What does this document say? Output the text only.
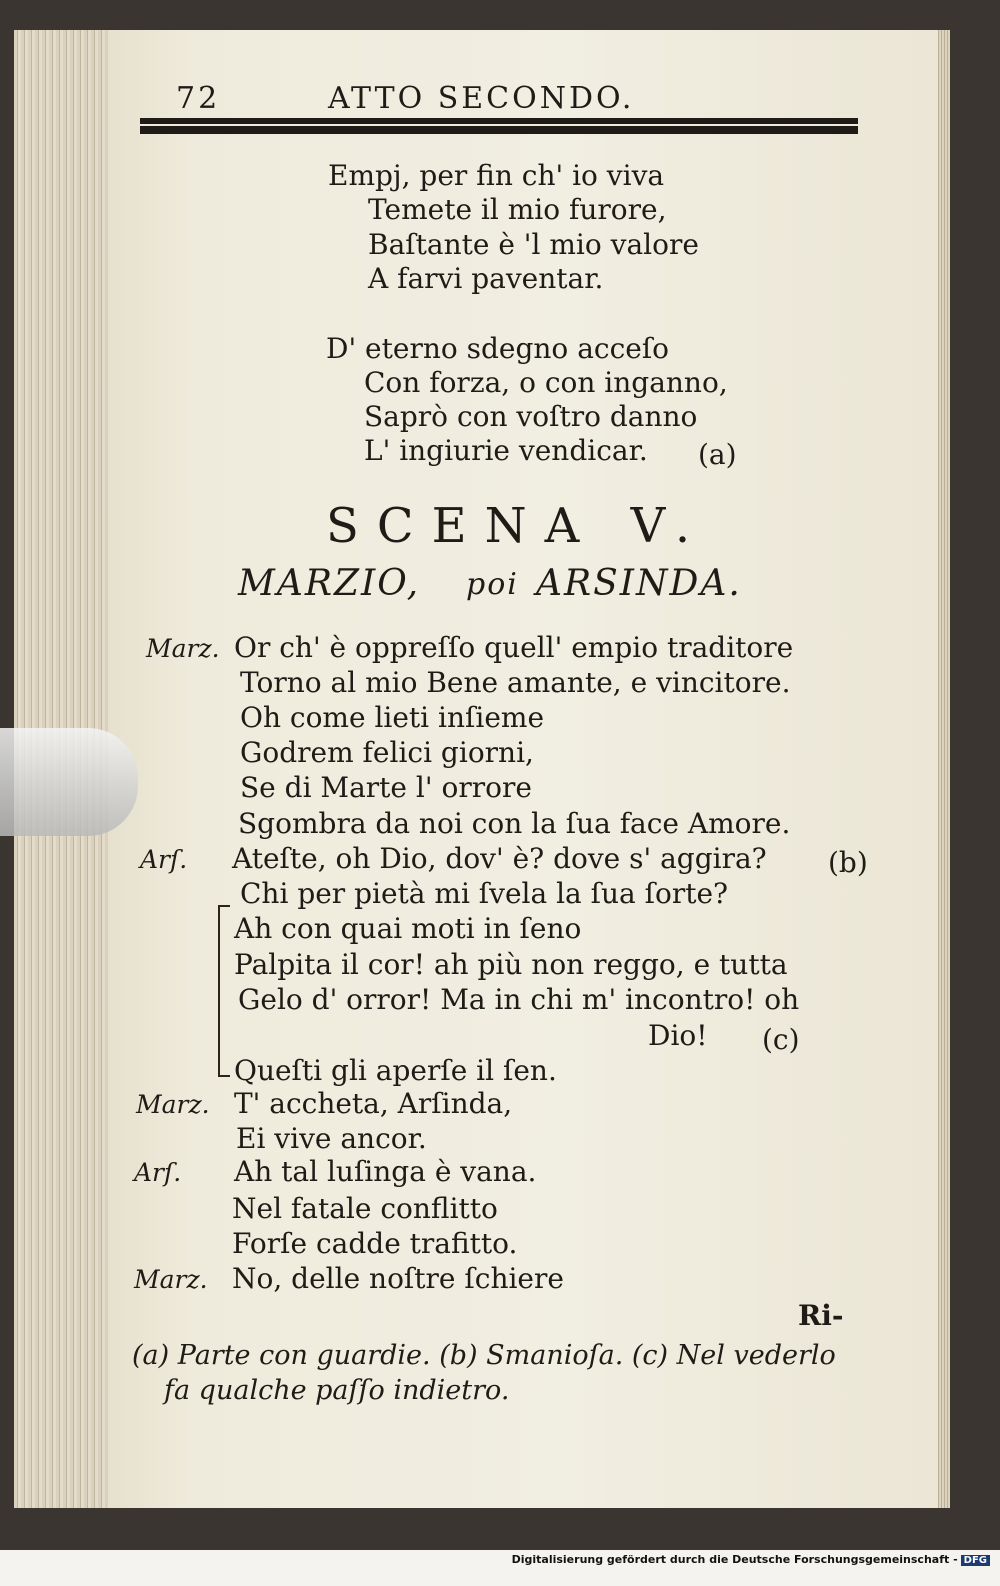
72	ATTO SECONDO.
Empj, per fin ch' io viva
Temete il mio furore,
Baſtante è 'l mio valore
A farvi paventar.
D' eterno sdegno acceſo
Con forza, o con inganno,
Saprò con voſtro danno
L' ingiurie vendicar. (a)
SCENA V.
MARZIO, poi ARSINDA.
Marz. Or ch' è oppreſſo quell' empio traditore
Torno al mio Bene amante, e vincitore.
Oh come lieti inſieme
Godrem felici giorni,
Se di Marte l' orrore
Sgombra da noi con la ſua face Amore.
Arſ. Ateſte, oh Dio, dov' è? dove s' aggira? (b)
Chi per pietà mi ſvela la ſua ſorte?
Ah con quai moti in ſeno
Palpita il cor! ah più non reggo, e tutta
Gelo d' orror! Ma in chi m' incontro! oh
Dio! (c)
Queſti gli aperſe il ſen.
Marz. T' accheta, Arſinda,
Ei vive ancor.
Arſ. Ah tal luſinga è vana.
Nel fatale conflitto
Forſe cadde trafitto.
Marz. No, delle noſtre ſchiere
Ri-
(a) Parte con guardie. (b) Smanioſa. (c) Nel vederlo
fa qualche paſſo indietro.
Digitalisierung gefördert durch die Deutsche Forschungsgemeinschaft - DFG
